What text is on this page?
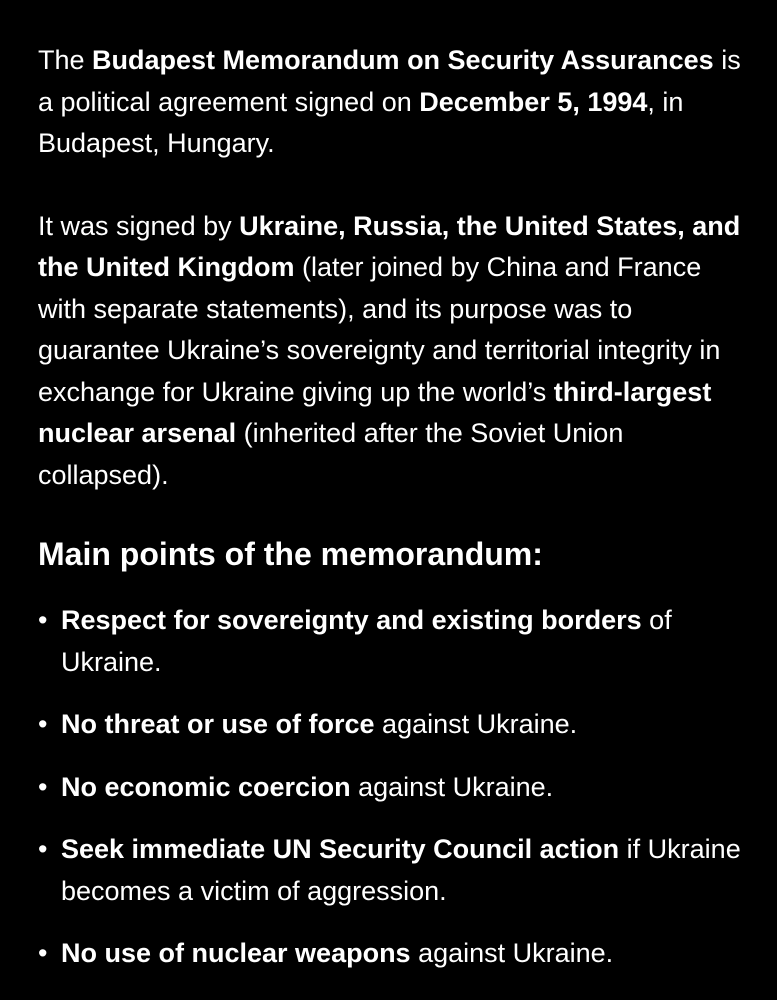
The Budapest Memorandum on Security Assurances is a political agreement signed on December 5, 1994, in Budapest, Hungary.

It was signed by Ukraine, Russia, the United States, and the United Kingdom (later joined by China and France with separate statements), and its purpose was to guarantee Ukraine’s sovereignty and territorial integrity in exchange for Ukraine giving up the world’s third-largest nuclear arsenal (inherited after the Soviet Union collapsed).

Main points of the memorandum:
• Respect for sovereignty and existing borders of Ukraine.
• No threat or use of force against Ukraine.
• No economic coercion against Ukraine.
• Seek immediate UN Security Council action if Ukraine becomes a victim of aggression.
• No use of nuclear weapons against Ukraine.
